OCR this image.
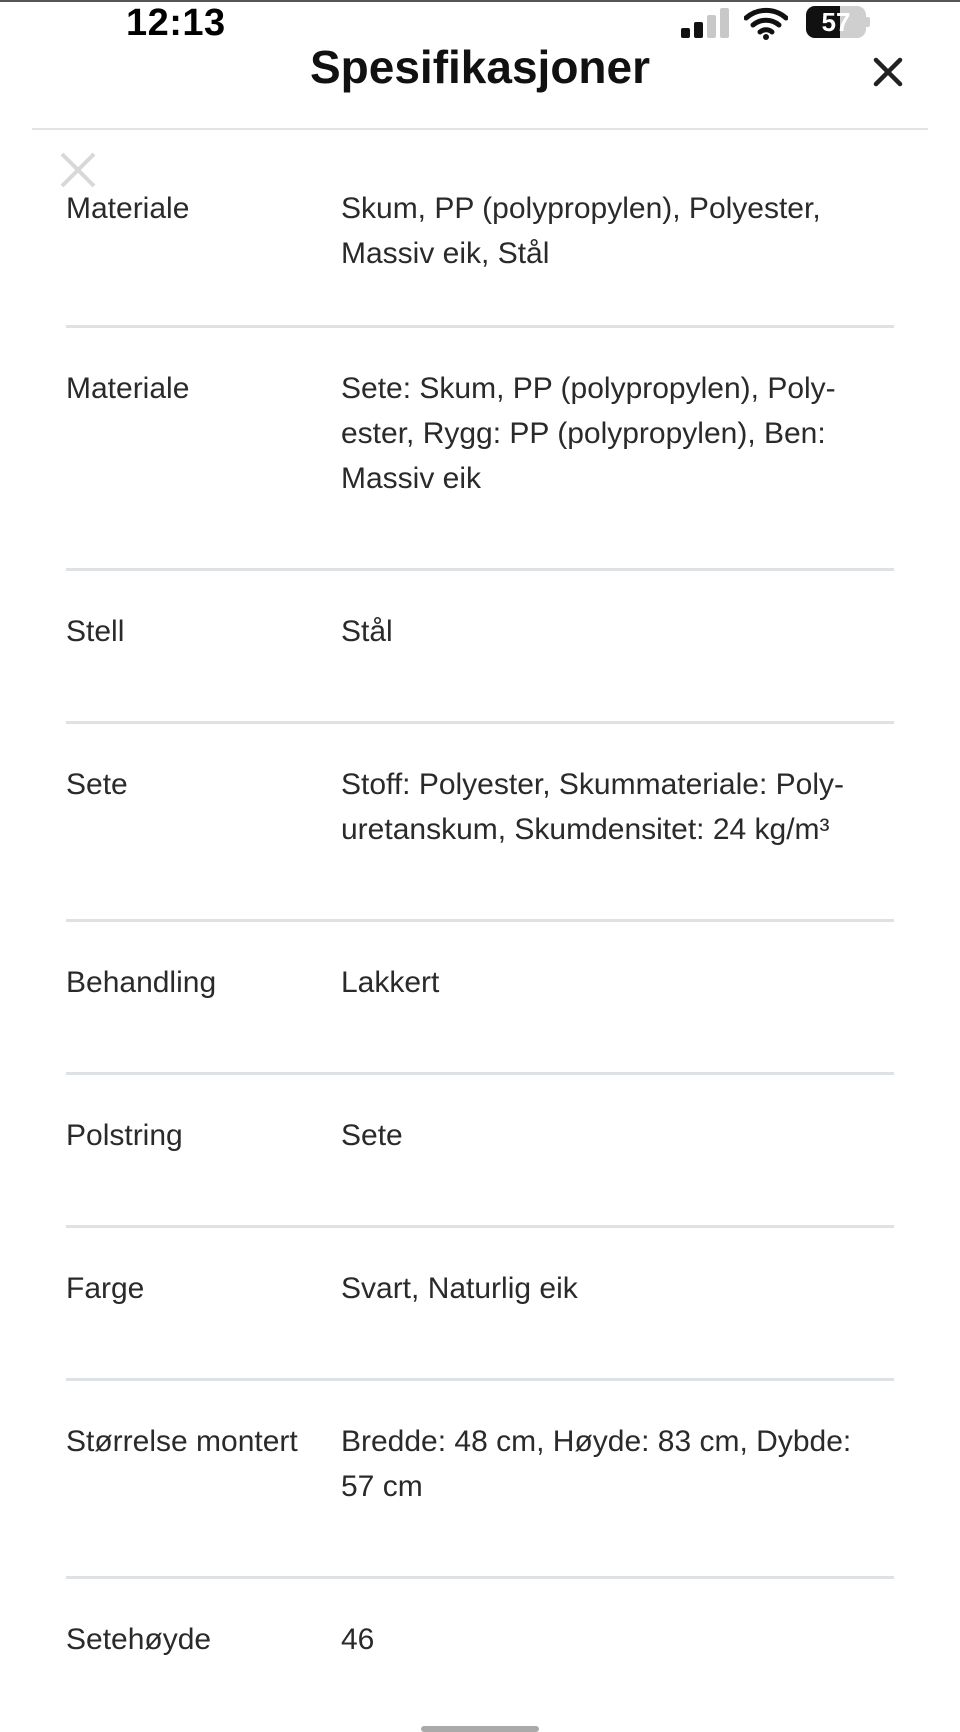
12:13	57
Spesifikasjoner
Materiale	Skum, PP (polypropylen), Polyester,
Massiv eik, Stål
Materiale	Sete: Skum, PP (polypropylen), Poly-
ester, Rygg: PP (polypropylen), Ben:
Massiv eik
Stell	Stål
Sete	Stoff: Polyester, Skummateriale: Poly-
uretanskum, Skumdensitet: 24 kg/m³
Behandling	Lakkert
Polstring	Sete
Farge	Svart, Naturlig eik
Størrelse montert Bredde: 48 cm, Høyde: 83 cm, Dybde:
57 cm
Setehøyde	46
